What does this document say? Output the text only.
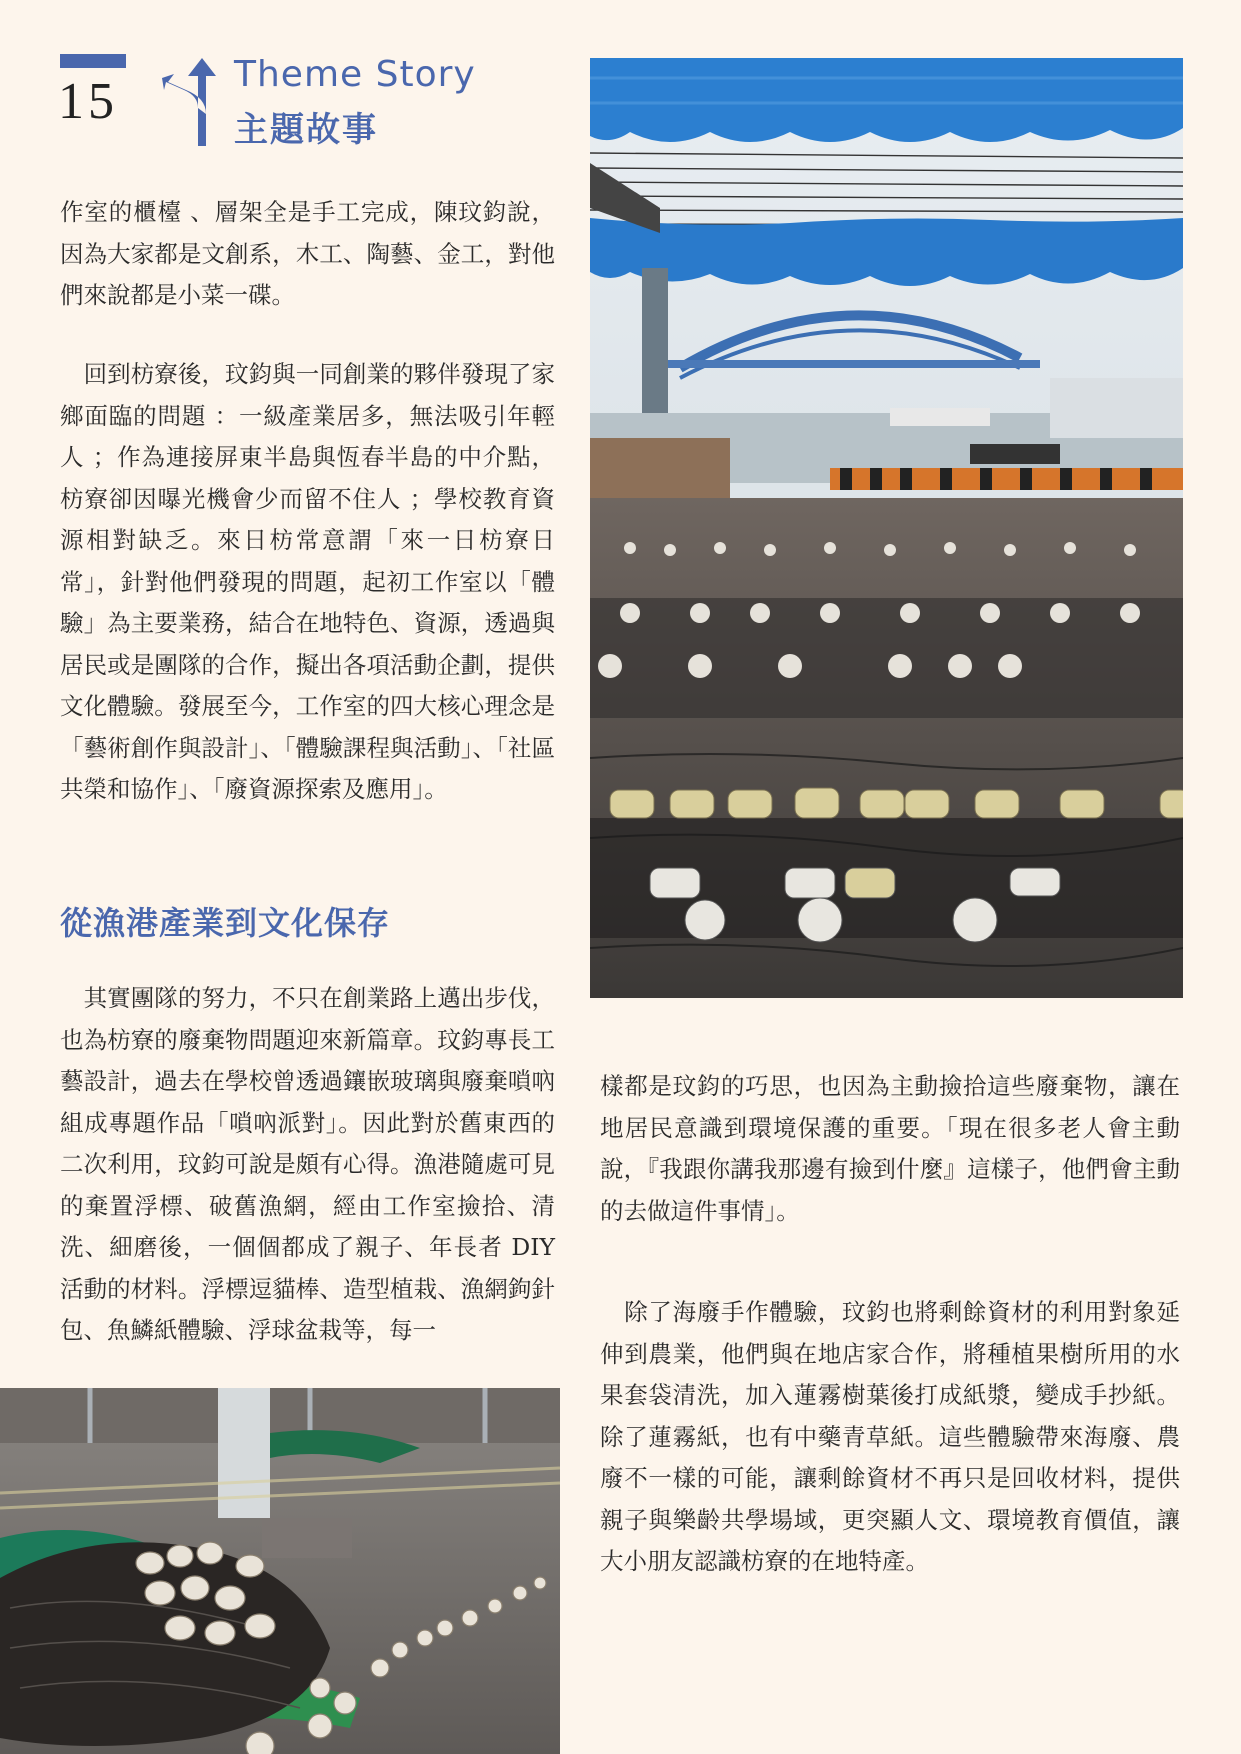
15	Theme Story
主題故事

作室的櫃檯 、層架全是手工完成，陳玟鈞說，因為大家都是文創系，木工、陶藝、金工，對他們來說都是小菜一碟。

　回到枋寮後，玟鈞與一同創業的夥伴發現了家鄉面臨的問題 ：一級產業居多，無法吸引年輕人 ；作為連接屏東半島與恆春半島的中介點，枋寮卻因曝光機會少而留不住人 ；學校教育資源相對缺乏。來日枋常意謂「來一日枋寮日常」，針對他們發現的問題，起初工作室以「體驗」為主要業務，結合在地特色、資源，透過與居民或是團隊的合作，擬出各項活動企劃，提供文化體驗。發展至今，工作室的四大核心理念是「藝術創作與設計」、「體驗課程與活動」、「社區共榮和協作」、「廢資源探索及應用」。

從漁港產業到文化保存

　其實團隊的努力，不只在創業路上邁出步伐，也為枋寮的廢棄物問題迎來新篇章。玟鈞專長工藝設計，過去在學校曾透過鑲嵌玻璃與廢棄嗩吶組成專題作品「嗩吶派對」。因此對於舊東西的二次利用，玟鈞可說是頗有心得。漁港隨處可見的棄置浮標、破舊漁網，經由工作室撿拾、清洗、細磨後，一個個都成了親子、年長者 DIY 活動的材料。浮標逗貓棒、造型植栽、漁網鉤針包、魚鱗紙體驗、浮球盆栽等，每一

樣都是玟鈞的巧思，也因為主動撿拾這些廢棄物，讓在地居民意識到環境保護的重要。「現在很多老人會主動說，『我跟你講我那邊有撿到什麼』這樣子，他們會主動的去做這件事情」。

　除了海廢手作體驗，玟鈞也將剩餘資材的利用對象延伸到農業，他們與在地店家合作，將種植果樹所用的水果套袋清洗，加入蓮霧樹葉後打成紙漿，變成手抄紙。除了蓮霧紙，也有中藥青草紙。這些體驗帶來海廢、農廢不一樣的可能，讓剩餘資材不再只是回收材料，提供親子與樂齡共學場域，更突顯人文、環境教育價值，讓大小朋友認識枋寮的在地特產。
